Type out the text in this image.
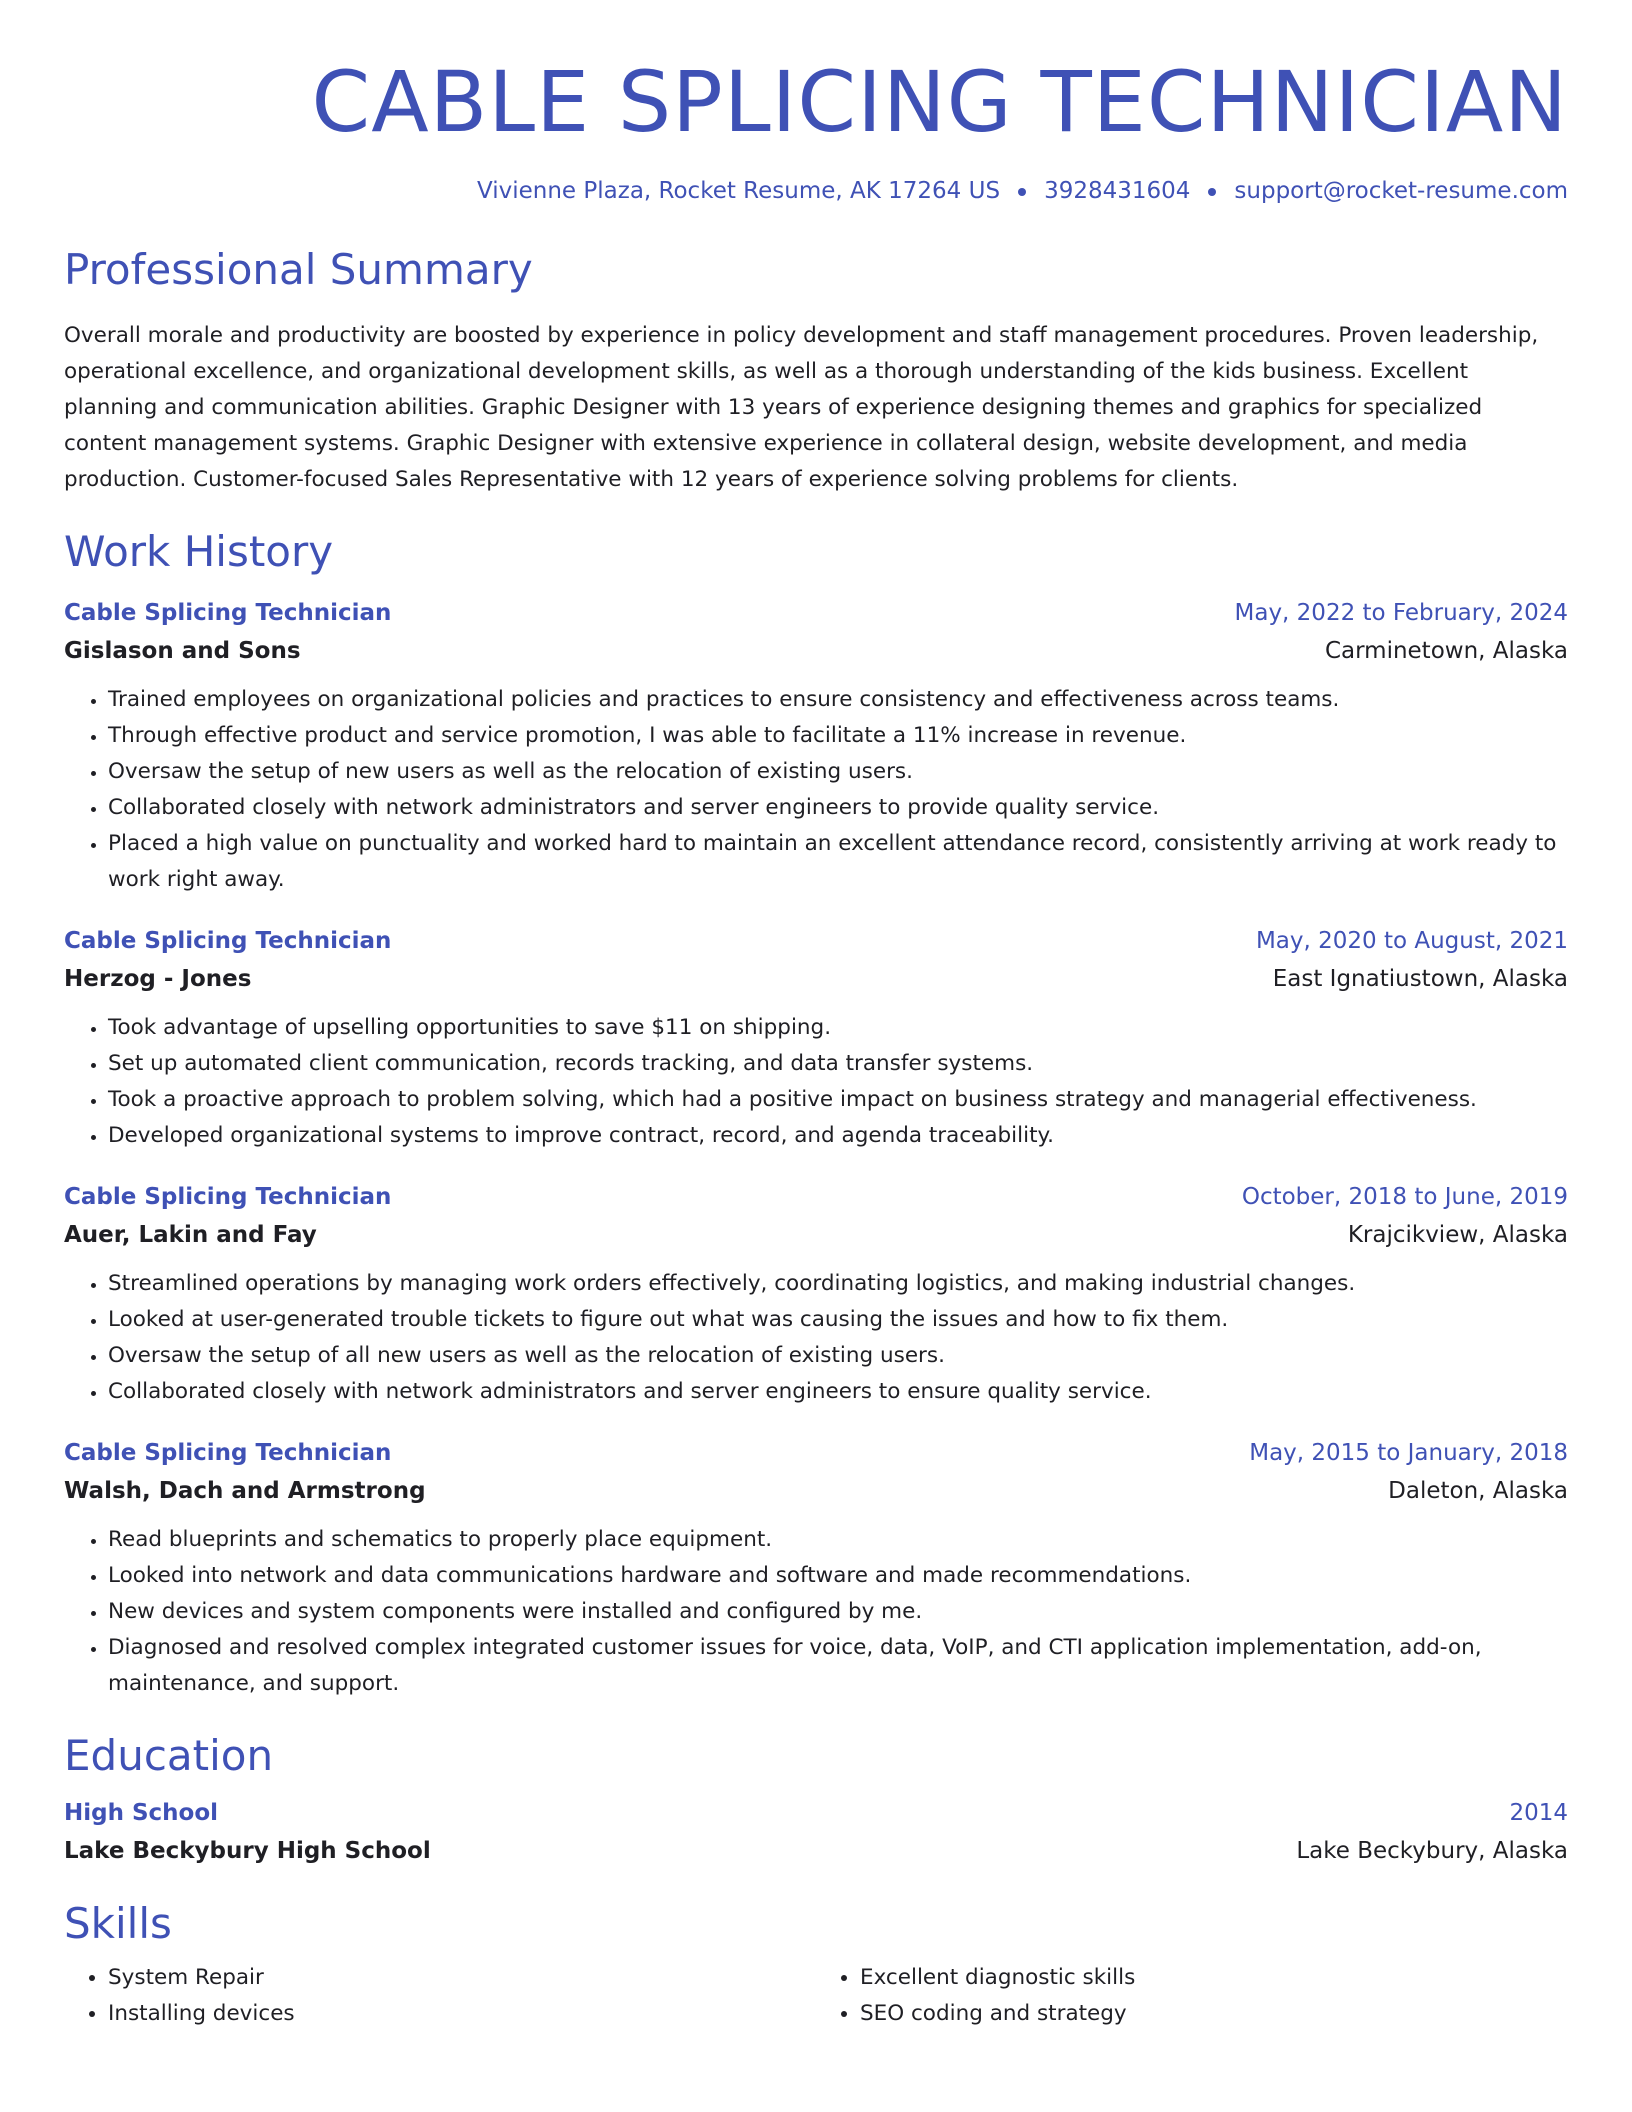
CABLE SPLICING TECHNICIAN
Vivienne Plaza, Rocket Resume, AK 17264 US 3928431604 support@rocket-resume.com
Professional Summary
Overall morale and productivity are boosted by experience in policy development and staff management procedures. Proven leadership, operational excellence, and organizational development skills, as well as a thorough understanding of the kids business. Excellent planning and communication abilities. Graphic Designer with 13 years of experience designing themes and graphics for specialized content management systems. Graphic Designer with extensive experience in collateral design, website development, and media production. Customer-focused Sales Representative with 12 years of experience solving problems for clients.
Work History
Cable Splicing Technician	May, 2022 to February, 2024
Gislason and Sons	Carminetown, Alaska
• Trained employees on organizational policies and practices to ensure consistency and effectiveness across teams.
• Through effective product and service promotion, I was able to facilitate a 11% increase in revenue.
• Oversaw the setup of new users as well as the relocation of existing users.
• Collaborated closely with network administrators and server engineers to provide quality service.
• Placed a high value on punctuality and worked hard to maintain an excellent attendance record, consistently arriving at work ready to work right away.
Cable Splicing Technician	May, 2020 to August, 2021
Herzog - Jones	East Ignatiustown, Alaska
• Took advantage of upselling opportunities to save $11 on shipping.
• Set up automated client communication, records tracking, and data transfer systems.
• Took a proactive approach to problem solving, which had a positive impact on business strategy and managerial effectiveness.
• Developed organizational systems to improve contract, record, and agenda traceability.
Cable Splicing Technician	October, 2018 to June, 2019
Auer, Lakin and Fay	Krajcikview, Alaska
• Streamlined operations by managing work orders effectively, coordinating logistics, and making industrial changes.
• Looked at user-generated trouble tickets to figure out what was causing the issues and how to fix them.
• Oversaw the setup of all new users as well as the relocation of existing users.
• Collaborated closely with network administrators and server engineers to ensure quality service.
Cable Splicing Technician	May, 2015 to January, 2018
Walsh, Dach and Armstrong	Daleton, Alaska
• Read blueprints and schematics to properly place equipment.
• Looked into network and data communications hardware and software and made recommendations.
• New devices and system components were installed and configured by me.
• Diagnosed and resolved complex integrated customer issues for voice, data, VoIP, and CTI application implementation, add-on, maintenance, and support.
Education
High School	2014
Lake Beckybury High School	Lake Beckybury, Alaska
Skills
• System Repair
• Installing devices
• Excellent diagnostic skills
• SEO coding and strategy
